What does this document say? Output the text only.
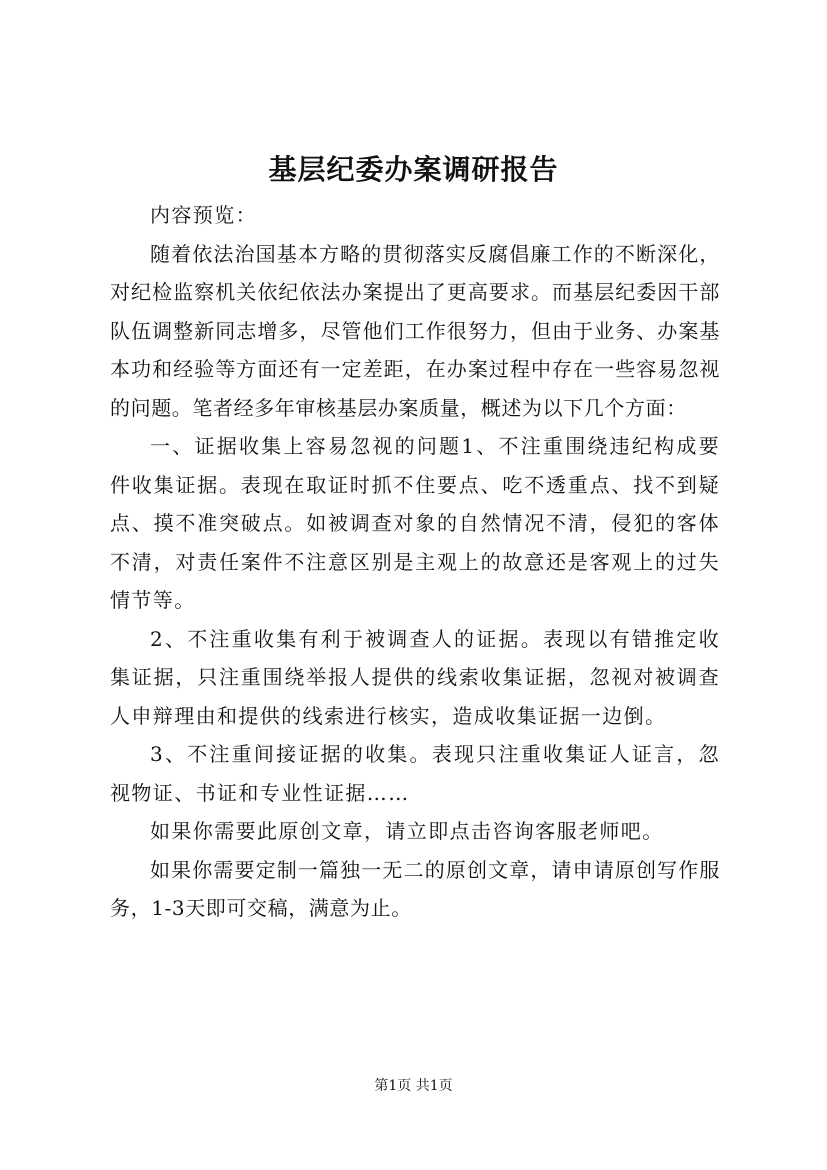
基层纪委办案调研报告

内容预览：

随着依法治国基本方略的贯彻落实反腐倡廉工作的不断深化，对纪检监察机关依纪依法办案提出了更高要求。而基层纪委因干部队伍调整新同志增多，尽管他们工作很努力，但由于业务、办案基本功和经验等方面还有一定差距，在办案过程中存在一些容易忽视的问题。笔者经多年审核基层办案质量，概述为以下几个方面：

一、证据收集上容易忽视的问题1、不注重围绕违纪构成要件收集证据。表现在取证时抓不住要点、吃不透重点、找不到疑点、摸不准突破点。如被调查对象的自然情况不清，侵犯的客体不清，对责任案件不注意区别是主观上的故意还是客观上的过失情节等。

2、不注重收集有利于被调查人的证据。表现以有错推定收集证据，只注重围绕举报人提供的线索收集证据，忽视对被调查人申辩理由和提供的线索进行核实，造成收集证据一边倒。

3、不注重间接证据的收集。表现只注重收集证人证言，忽视物证、书证和专业性证据……

如果你需要此原创文章，请立即点击咨询客服老师吧。

如果你需要定制一篇独一无二的原创文章，请申请原创写作服务，1-3天即可交稿，满意为止。

第1页 共1页
